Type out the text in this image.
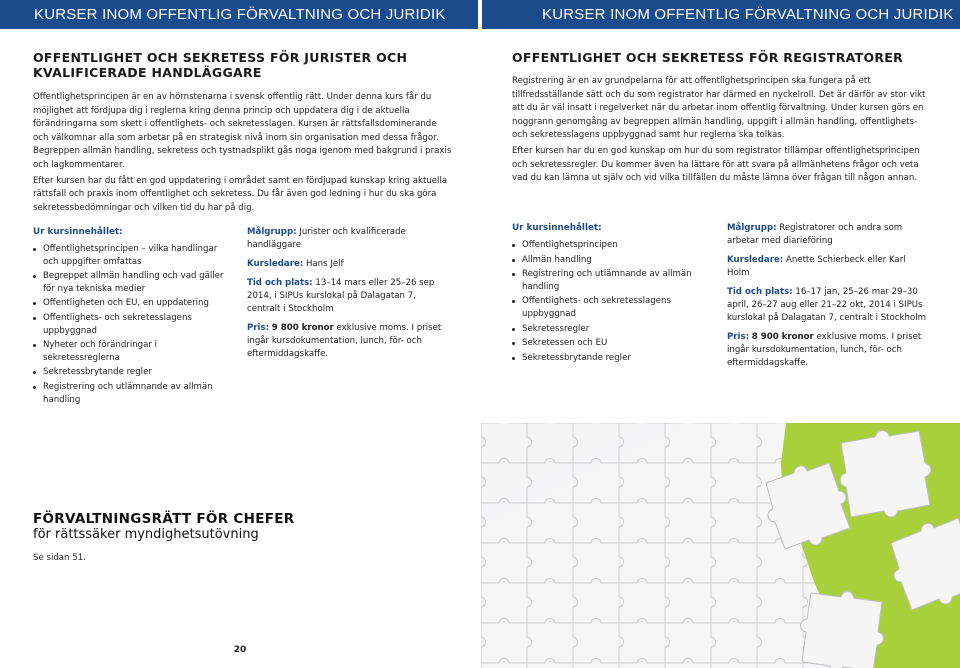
KURSER INOM OFFENTLIG FÖRVALTNING OCH JURIDIK	KURSER INOM OFFENTLIG FÖRVALTNING OCH JURIDIK
OFFENTLIGHET OCH SEKRETESS FÖR JURISTER OCH
KVALIFICERADE HANDLÄGGARE

Offentlighetsprincipen är en av hörnstenarna i svensk offentlig rätt. Under denna kurs får du möjlighet att fördjupa dig i reglerna kring denna princip och uppdatera dig i de aktuella förändringarna som skett i offentlighets- och sekretesslagen. Kursen är rättsfallsdominerande och välkomnar alla som arbetar på en strategisk nivå inom sin organisation med dessa frågor. Begreppen allmän handling, sekretess och tystnadsplikt gås noga igenom med bakgrund i praxis och lagkommentarer.

Efter kursen har du fått en god uppdatering i området samt en fördjupad kunskap kring aktuella rättsfall och praxis inom offentlighet och sekretess. Du får även god ledning i hur du ska göra sekretessbedömningar och vilken tid du har på dig.

Ur kursinnehållet:
Offentlighetsprincipen – vilka handlingar och uppgifter omfattas
Begreppet allmän handling och vad gäller för nya tekniska medier
Offentligheten och EU, en uppdatering
Offentlighets- och sekretesslagens uppbyggnad
Nyheter och förändringar i sekretessreglerna
Sekretessbrytande regler
Registrering och utlämnande av allmän handling

Målgrupp: Jurister och kvalificerade handläggare

Kursledare: Hans Jelf

Tid och plats: 13–14 mars eller 25–26 sep 2014, i SIPUs kurslokal på Dalagatan 7, centralt i Stockholm

Pris: 9 800 kronor exklusive moms. I priset ingår kursdokumentation, lunch, för- och eftermiddagskaffe.

OFFENTLIGHET OCH SEKRETESS FÖR REGISTRATORER

Registrering är en av grundpelarna för att offentlighetsprincipen ska fungera på ett tillfredsställande sätt och du som registrator har därmed en nyckelroll. Det är därför av stor vikt att du är väl insatt i regelverket när du arbetar inom offentlig förvaltning. Under kursen görs en noggrann genomgång av begreppen allmän handling, uppgift i allmän handling, offentlighets- och sekretesslagens uppbyggnad samt hur reglerna ska tolkas.

Efter kursen har du en god kunskap om hur du som registrator tillämpar offentlighetsprincipen och sekretessregler. Du kommer även ha lättare för att svara på allmänhetens frågor och veta vad du kan lämna ut själv och vid vilka tillfällen du måste lämna över frågan till någon annan.

Ur kursinnehållet:
Offentlighetsprincipen
Allmän handling
Registrering och utlämnande av allmän handling
Offentlighets- och sekretesslagens uppbyggnad
Sekretessregler
Sekretessen och EU
Sekretessbrytande regler

Målgrupp: Registratorer och andra som arbetar med diarieföring

Kursledare: Anette Schierbeck eller Karl Holm

Tid och plats: 16–17 jan, 25–26 mar 29–30 april, 26–27 aug eller 21–22 okt, 2014 i SIPUs kurslokal på Dalagatan 7, centralt i Stockholm

Pris: 8 900 kronor exklusive moms. I priset ingår kursdokumentation, lunch, för- och eftermiddagskaffe.

FÖRVALTNINGSRÄTT FÖR CHEFER
för rättssäker myndighetsutövning
Se sidan 51.
20
